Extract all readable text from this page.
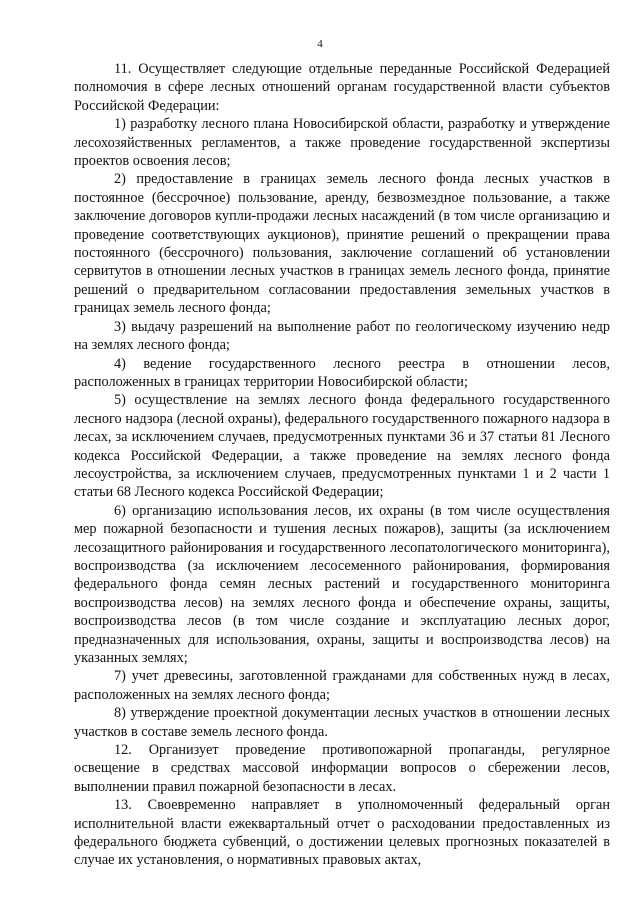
4

11. Осуществляет следующие отдельные переданные Российской Федерацией полномочия в сфере лесных отношений органам государственной власти субъектов Российской Федерации:

1) разработку лесного плана Новосибирской области, разработку и утверждение лесохозяйственных регламентов, а также проведение государственной экспертизы проектов освоения лесов;

2) предоставление в границах земель лесного фонда лесных участков в постоянное (бессрочное) пользование, аренду, безвозмездное пользование, а также заключение договоров купли-продажи лесных насаждений (в том числе организацию и проведение соответствующих аукционов), принятие решений о прекращении права постоянного (бессрочного) пользования, заключение соглашений об установлении сервитутов в отношении лесных участков в границах земель лесного фонда, принятие решений о предварительном согласовании предоставления земельных участков в границах земель лесного фонда;

3) выдачу разрешений на выполнение работ по геологическому изучению недр на землях лесного фонда;

4) ведение государственного лесного реестра в отношении лесов, расположенных в границах территории Новосибирской области;

5) осуществление на землях лесного фонда федерального государственного лесного надзора (лесной охраны), федерального государственного пожарного надзора в лесах, за исключением случаев, предусмотренных пунктами 36 и 37 статьи 81 Лесного кодекса Российской Федерации, а также проведение на землях лесного фонда лесоустройства, за исключением случаев, предусмотренных пунктами 1 и 2 части 1 статьи 68 Лесного кодекса Российской Федерации;

6) организацию использования лесов, их охраны (в том числе осуществления мер пожарной безопасности и тушения лесных пожаров), защиты (за исключением лесозащитного районирования и государственного лесопатологического мониторинга), воспроизводства (за исключением лесосеменного районирования, формирования федерального фонда семян лесных растений и государственного мониторинга воспроизводства лесов) на землях лесного фонда и обеспечение охраны, защиты, воспроизводства лесов (в том числе создание и эксплуатацию лесных дорог, предназначенных для использования, охраны, защиты и воспроизводства лесов) на указанных землях;

7) учет древесины, заготовленной гражданами для собственных нужд в лесах, расположенных на землях лесного фонда;

8) утверждение проектной документации лесных участков в отношении лесных участков в составе земель лесного фонда.

12. Организует проведение противопожарной пропаганды, регулярное освещение в средствах массовой информации вопросов о сбережении лесов, выполнении правил пожарной безопасности в лесах.

13. Своевременно направляет в уполномоченный федеральный орган исполнительной власти ежеквартальный отчет о расходовании предоставленных из федерального бюджета субвенций, о достижении целевых прогнозных показателей в случае их установления, о нормативных правовых актах,
